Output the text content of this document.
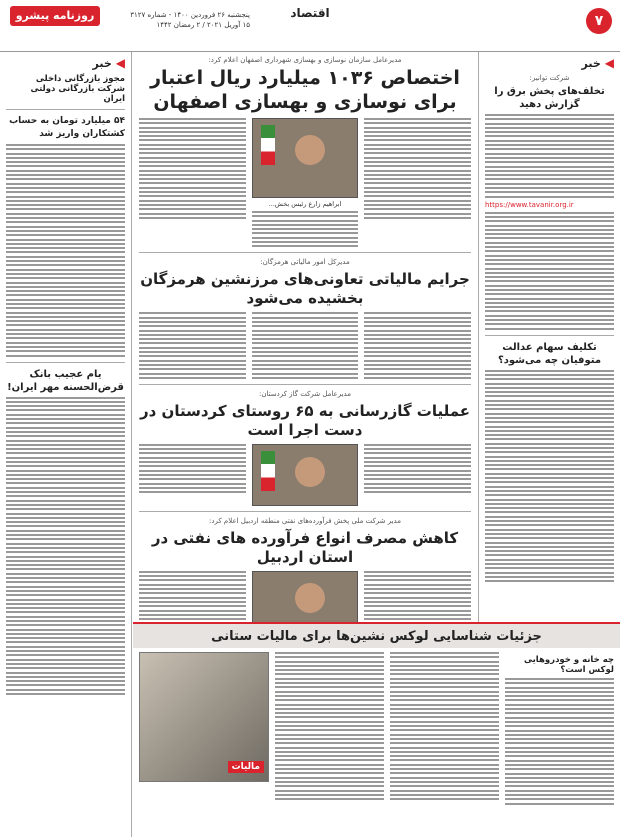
۷
اقتصاد
روزنامه پیشرو	پنجشنبه ۲۶ فروردین ۱۴۰۰ - شماره ۳۱۲۷
۱۵ آوریل ۲۰۲۱ / ۲ رمضان ۱۴۴۲
◀
خبر
شرکت توانیر:
تخلف‌های پخش برق را گزارش دهید
https://www.tavanir.org.ir
تکلیف سهام عدالت متوفیان چه می‌شود؟
◀
خبر
مجوز بازرگانی داخلی شرکت بازرگانی دولتی ایران
۵۴ میلیارد تومان به حساب کشتکاران واریز شد
یام عجیب بانک قرض‌الحسنه مهر ایران!
مدیرعامل سازمان نوسازی و بهسازی شهرداری اصفهان اعلام کرد:
اختصاص ۱۰۳۶ میلیارد ریال اعتبار برای نوسازی و بهسازی اصفهان
ابراهیم زارع رئیس بخش...
مدیرکل امور مالیاتی هرمزگان:
جرایم مالیاتی تعاونی‌های مرزنشین هرمزگان بخشیده می‌شود
مدیرعامل شرکت گاز کردستان:
عملیات گازرسانی به ۶۵ روستای کردستان در دست اجرا است
مدیر شرکت ملی پخش فرآورده‌های نفتی منطقه اردبیل اعلام کرد:
کاهش مصرف انواع فرآورده های نفتی در استان اردبیل
جزئیات شناسایی لوکس نشین‌ها برای مالیات ستانی
چه خانه و خودرو‌هایی لوکس است؟
مالیات
